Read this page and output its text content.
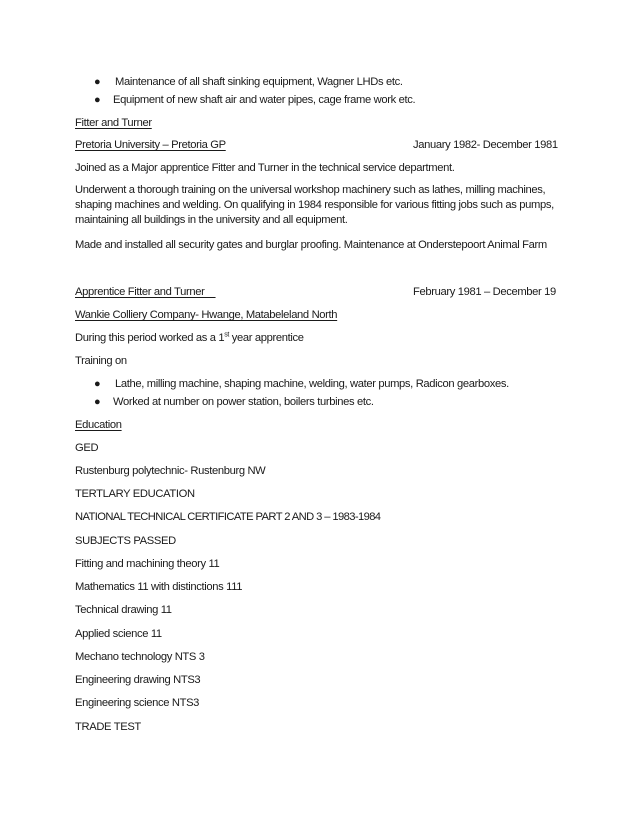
● Maintenance of all shaft sinking equipment, Wagner LHDs etc.
● Equipment of new shaft air and water pipes, cage frame work etc.
Fitter and Turner
Pretoria University – Pretoria GP	January 1982- December 1981
Joined as a Major apprentice Fitter and Turner in the technical service department.
Underwent a thorough training on the universal workshop machinery such as lathes, milling machines,
shaping machines and welding. On qualifying in 1984 responsible for various fitting jobs such as pumps,
maintaining all buildings in the university and all equipment.
Made and installed all security gates and burglar proofing. Maintenance at Onderstepoort Animal Farm
Apprentice Fitter and Turner	February 1981 – December 19
Wankie Colliery Company- Hwange, Matabeleland North
During this period worked as a 1st year apprentice
Training on
● Lathe, milling machine, shaping machine, welding, water pumps, Radicon gearboxes.
● Worked at number on power station, boilers turbines etc.
Education
GED
Rustenburg polytechnic- Rustenburg NW
TERTLARY EDUCATION
NATIONAL TECHNICAL CERTIFICATE PART 2 AND 3 – 1983-1984
SUBJECTS PASSED
Fitting and machining theory 11
Mathematics 11 with distinctions 111
Technical drawing 11
Applied science 11
Mechano technology NTS 3
Engineering drawing NTS3
Engineering science NTS3
TRADE TEST
